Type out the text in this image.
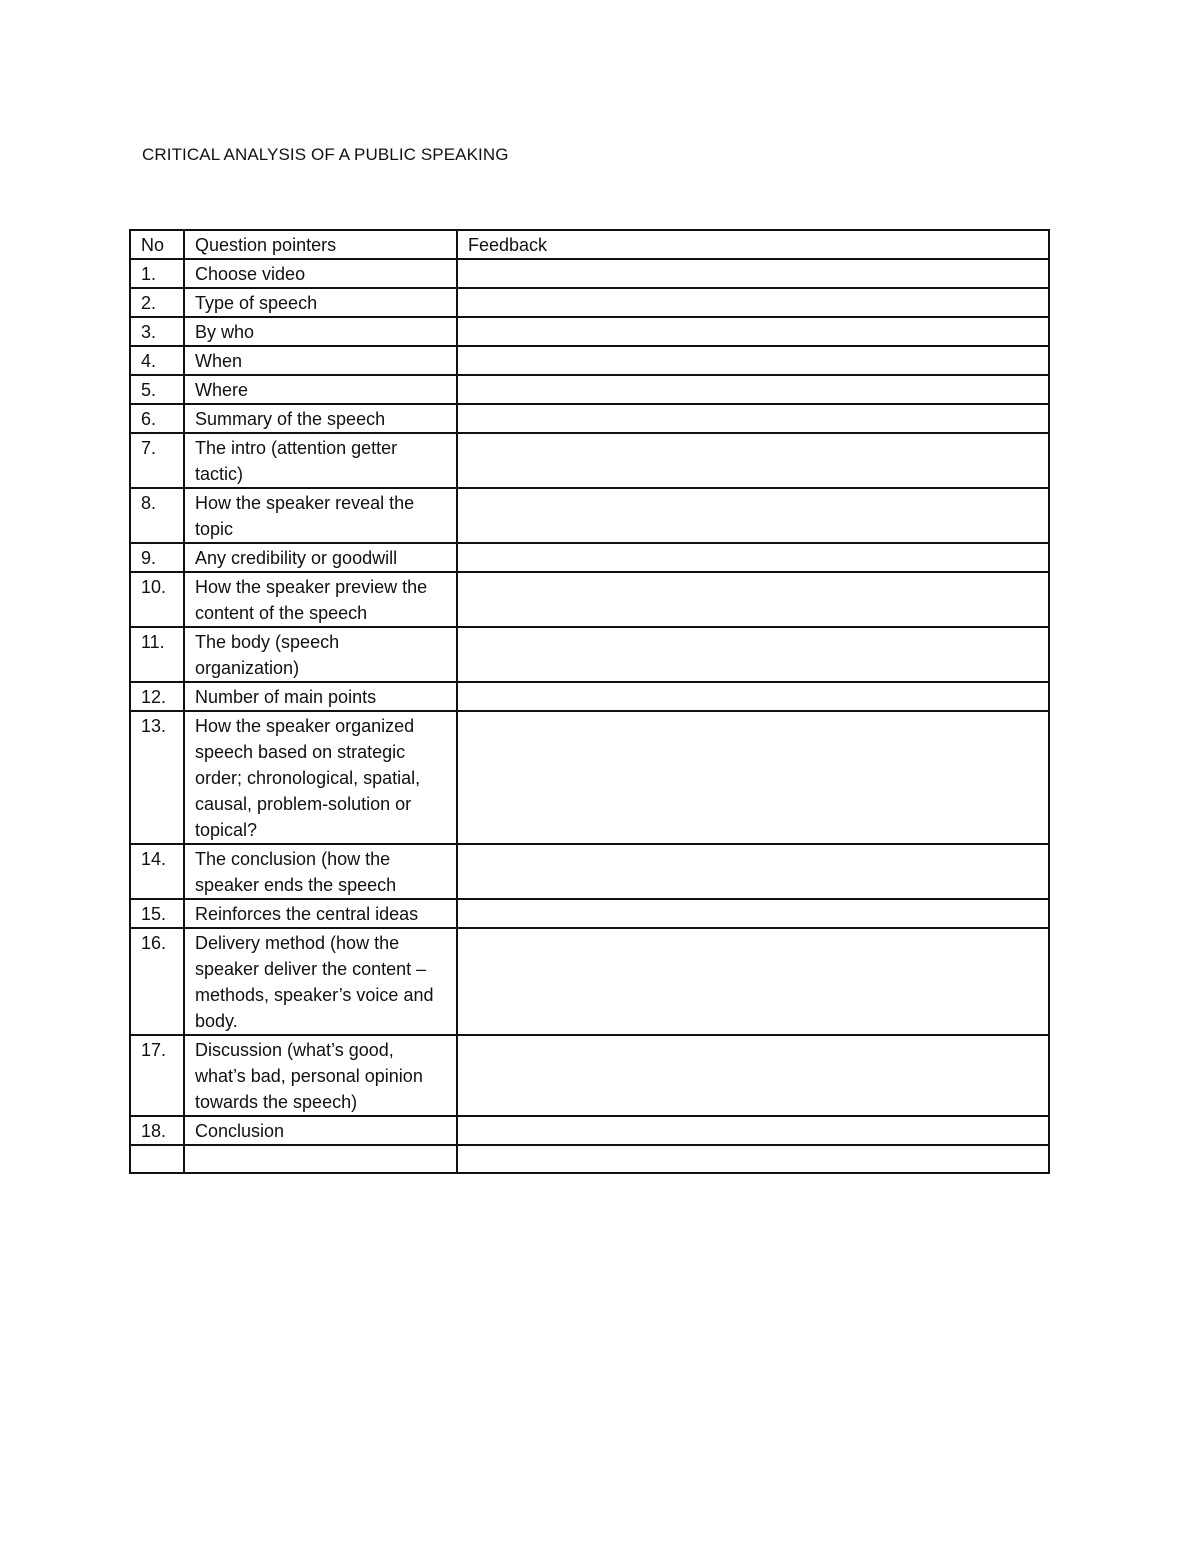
CRITICAL ANALYSIS OF A PUBLIC SPEAKING
No	Question pointers	Feedback
1.	Choose video	
2.	Type of speech	
3.	By who	
4.	When	
5.	Where	
6.	Summary of the speech	
7.	The intro (attention getter tactic)	
8.	How the speaker reveal the topic	
9.	Any credibility or goodwill	
10.	How the speaker preview the content of the speech	
11.	The body (speech organization)	
12.	Number of main points	
13.	How the speaker organized speech based on strategic order; chronological, spatial, causal, problem-solution or topical?	
14.	The conclusion (how the speaker ends the speech	
15.	Reinforces the central ideas	
16.	Delivery method (how the speaker deliver the content – methods, speaker’s voice and body.	
17.	Discussion (what’s good, what’s bad, personal opinion towards the speech)	
18.	Conclusion	
